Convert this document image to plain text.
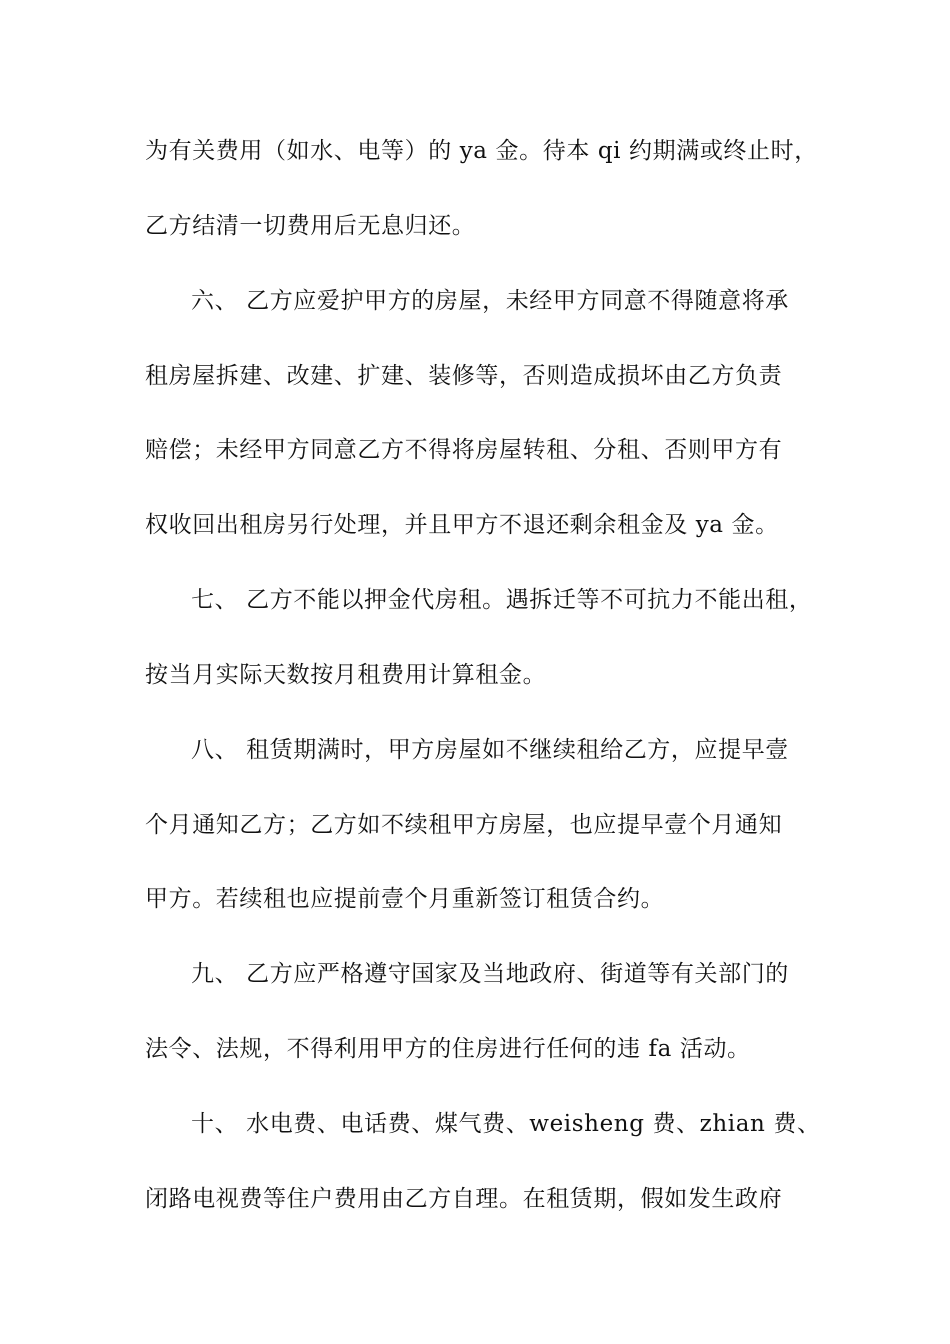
为有关费用（如水、电等）的 ya 金。待本 qi 约期满或终止时，
乙方结清一切费用后无息归还。
六、 乙方应爱护甲方的房屋，未经甲方同意不得随意将承
租房屋拆建、改建、扩建、装修等，否则造成损坏由乙方负责
赔偿；未经甲方同意乙方不得将房屋转租、分租、否则甲方有
权收回出租房另行处理，并且甲方不退还剩余租金及 ya 金。
七、 乙方不能以押金代房租。遇拆迁等不可抗力不能出租，
按当月实际天数按月租费用计算租金。
八、 租赁期满时，甲方房屋如不继续租给乙方，应提早壹
个月通知乙方；乙方如不续租甲方房屋，也应提早壹个月通知
甲方。若续租也应提前壹个月重新签订租赁合约。
九、 乙方应严格遵守国家及当地政府、街道等有关部门的
法令、法规，不得利用甲方的住房进行任何的违 fa 活动。
十、 水电费、电话费、煤气费、weisheng 费、zhian 费、
闭路电视费等住户费用由乙方自理。在租赁期，假如发生政府
